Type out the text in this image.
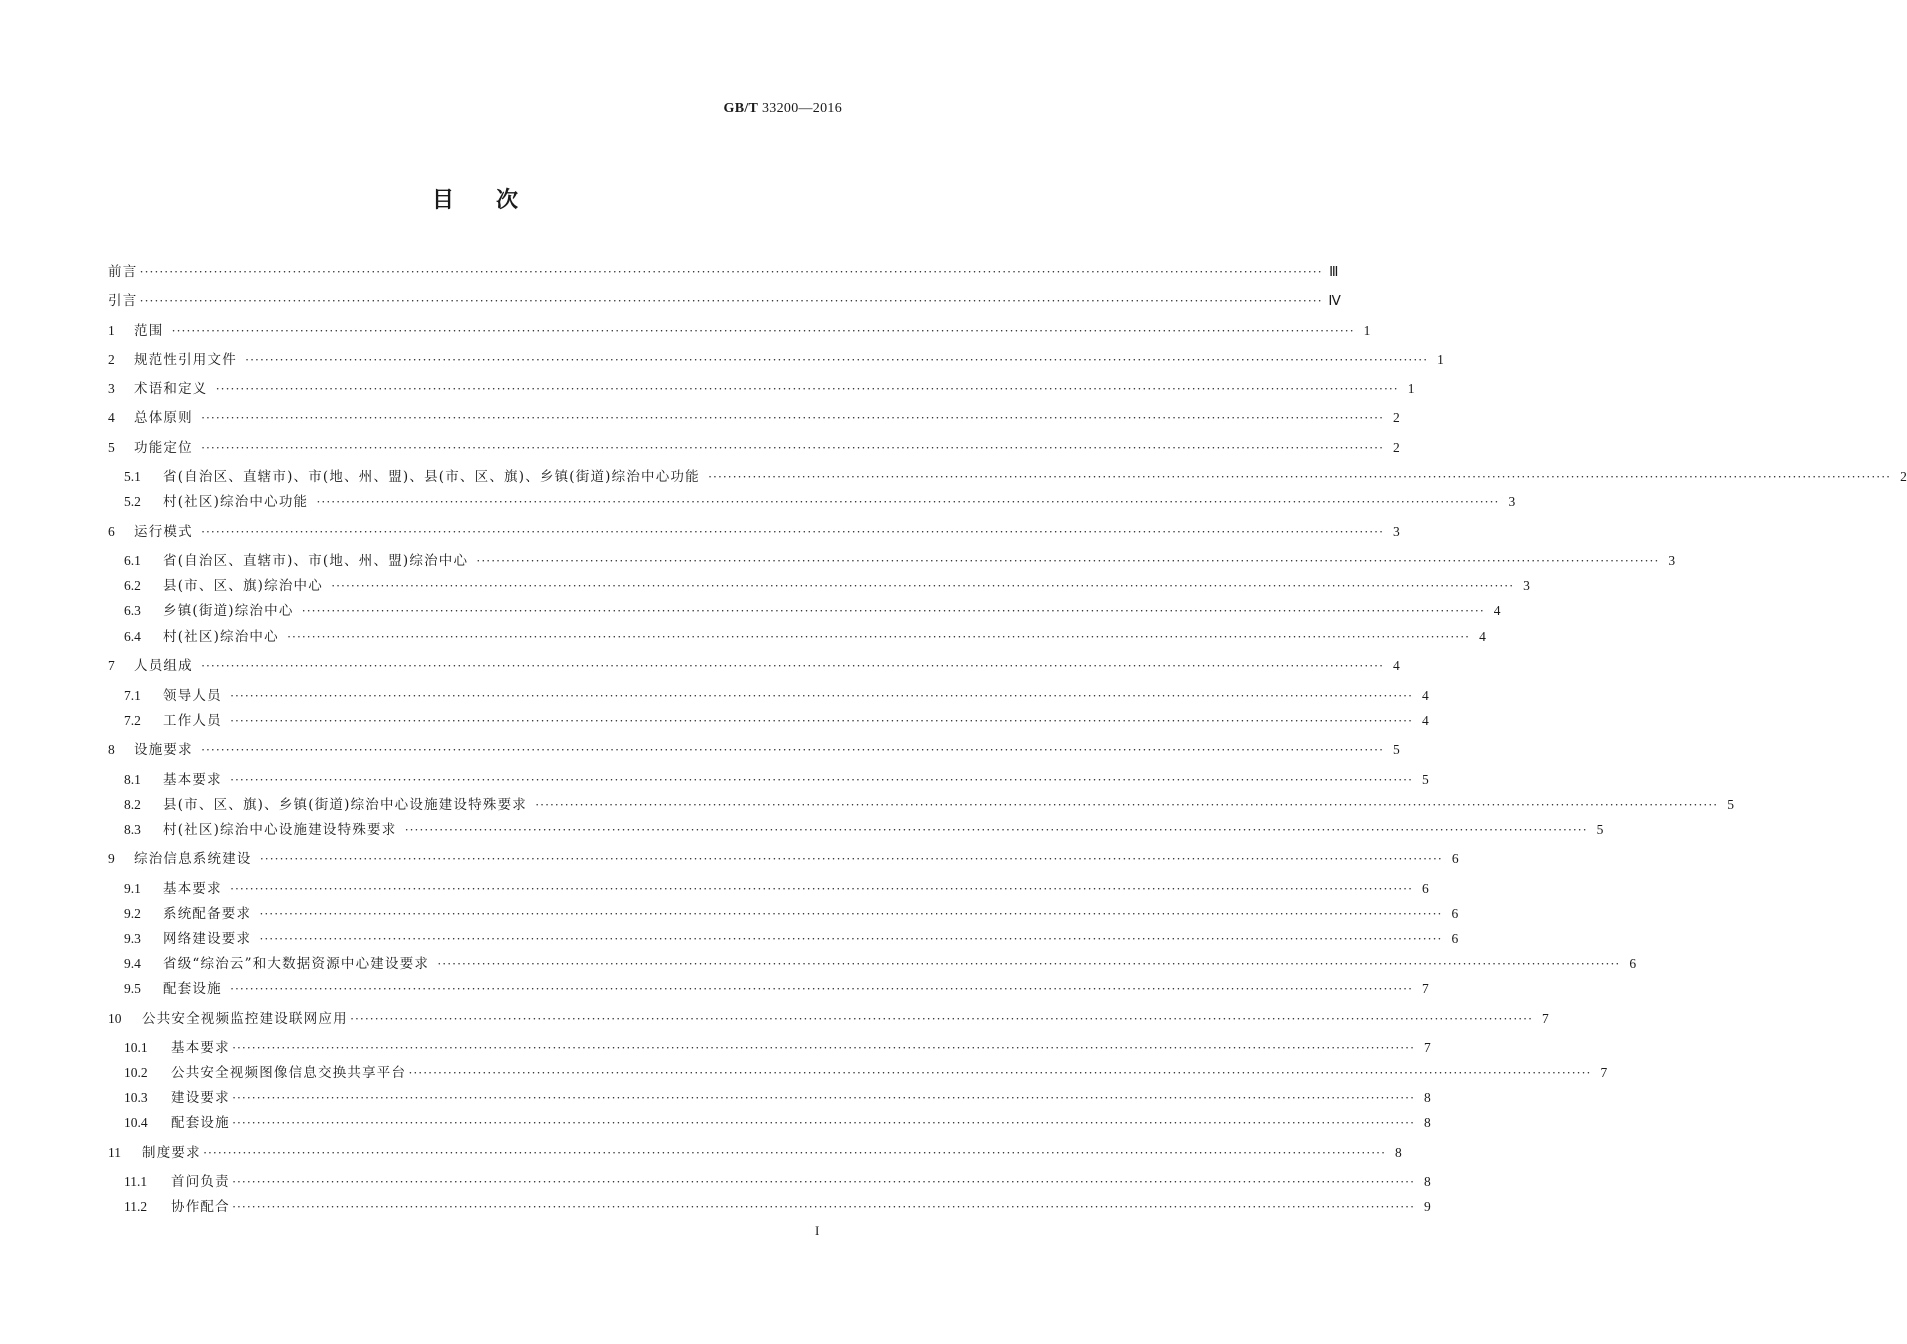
GB/T 33200—2016
目次
前言 ················································································································································································································································ Ⅲ
引言 ················································································································································································································································ Ⅳ
1	范围 ················································································································································································································································ 1
2	规范性引用文件 ················································································································································································································································ 1
3	术语和定义 ················································································································································································································································ 1
4	总体原则 ················································································································································································································································ 2
5	功能定位 ················································································································································································································································ 2
5.1	省(自治区、直辖市)、市(地、州、盟)、县(市、区、旗)、乡镇(街道)综治中心功能 ················································································································································································································································ 2
5.2	村(社区)综治中心功能 ················································································································································································································································ 3
6	运行模式 ················································································································································································································································ 3
6.1	省(自治区、直辖市)、市(地、州、盟)综治中心 ················································································································································································································································ 3
6.2	县(市、区、旗)综治中心 ················································································································································································································································ 3
6.3	乡镇(街道)综治中心 ················································································································································································································································ 4
6.4	村(社区)综治中心 ················································································································································································································································ 4
7	人员组成 ················································································································································································································································ 4
7.1	领导人员 ················································································································································································································································ 4
7.2	工作人员 ················································································································································································································································ 4
8	设施要求 ················································································································································································································································ 5
8.1	基本要求 ················································································································································································································································ 5
8.2	县(市、区、旗)、乡镇(街道)综治中心设施建设特殊要求 ················································································································································································································································ 5
8.3	村(社区)综治中心设施建设特殊要求 ················································································································································································································································ 5
9	综治信息系统建设 ················································································································································································································································ 6
9.1	基本要求 ················································································································································································································································ 6
9.2	系统配备要求 ················································································································································································································································ 6
9.3	网络建设要求 ················································································································································································································································ 6
9.4	省级“综治云”和大数据资源中心建设要求 ················································································································································································································································ 6
9.5	配套设施 ················································································································································································································································ 7
10	公共安全视频监控建设联网应用 ················································································································································································································································ 7
10.1	基本要求 ················································································································································································································································ 7
10.2	公共安全视频图像信息交换共享平台 ················································································································································································································································ 7
10.3	建设要求 ················································································································································································································································ 8
10.4	配套设施 ················································································································································································································································ 8
11	制度要求 ················································································································································································································································ 8
11.1	首问负责 ················································································································································································································································ 8
11.2	协作配合 ················································································································································································································································ 9
I
